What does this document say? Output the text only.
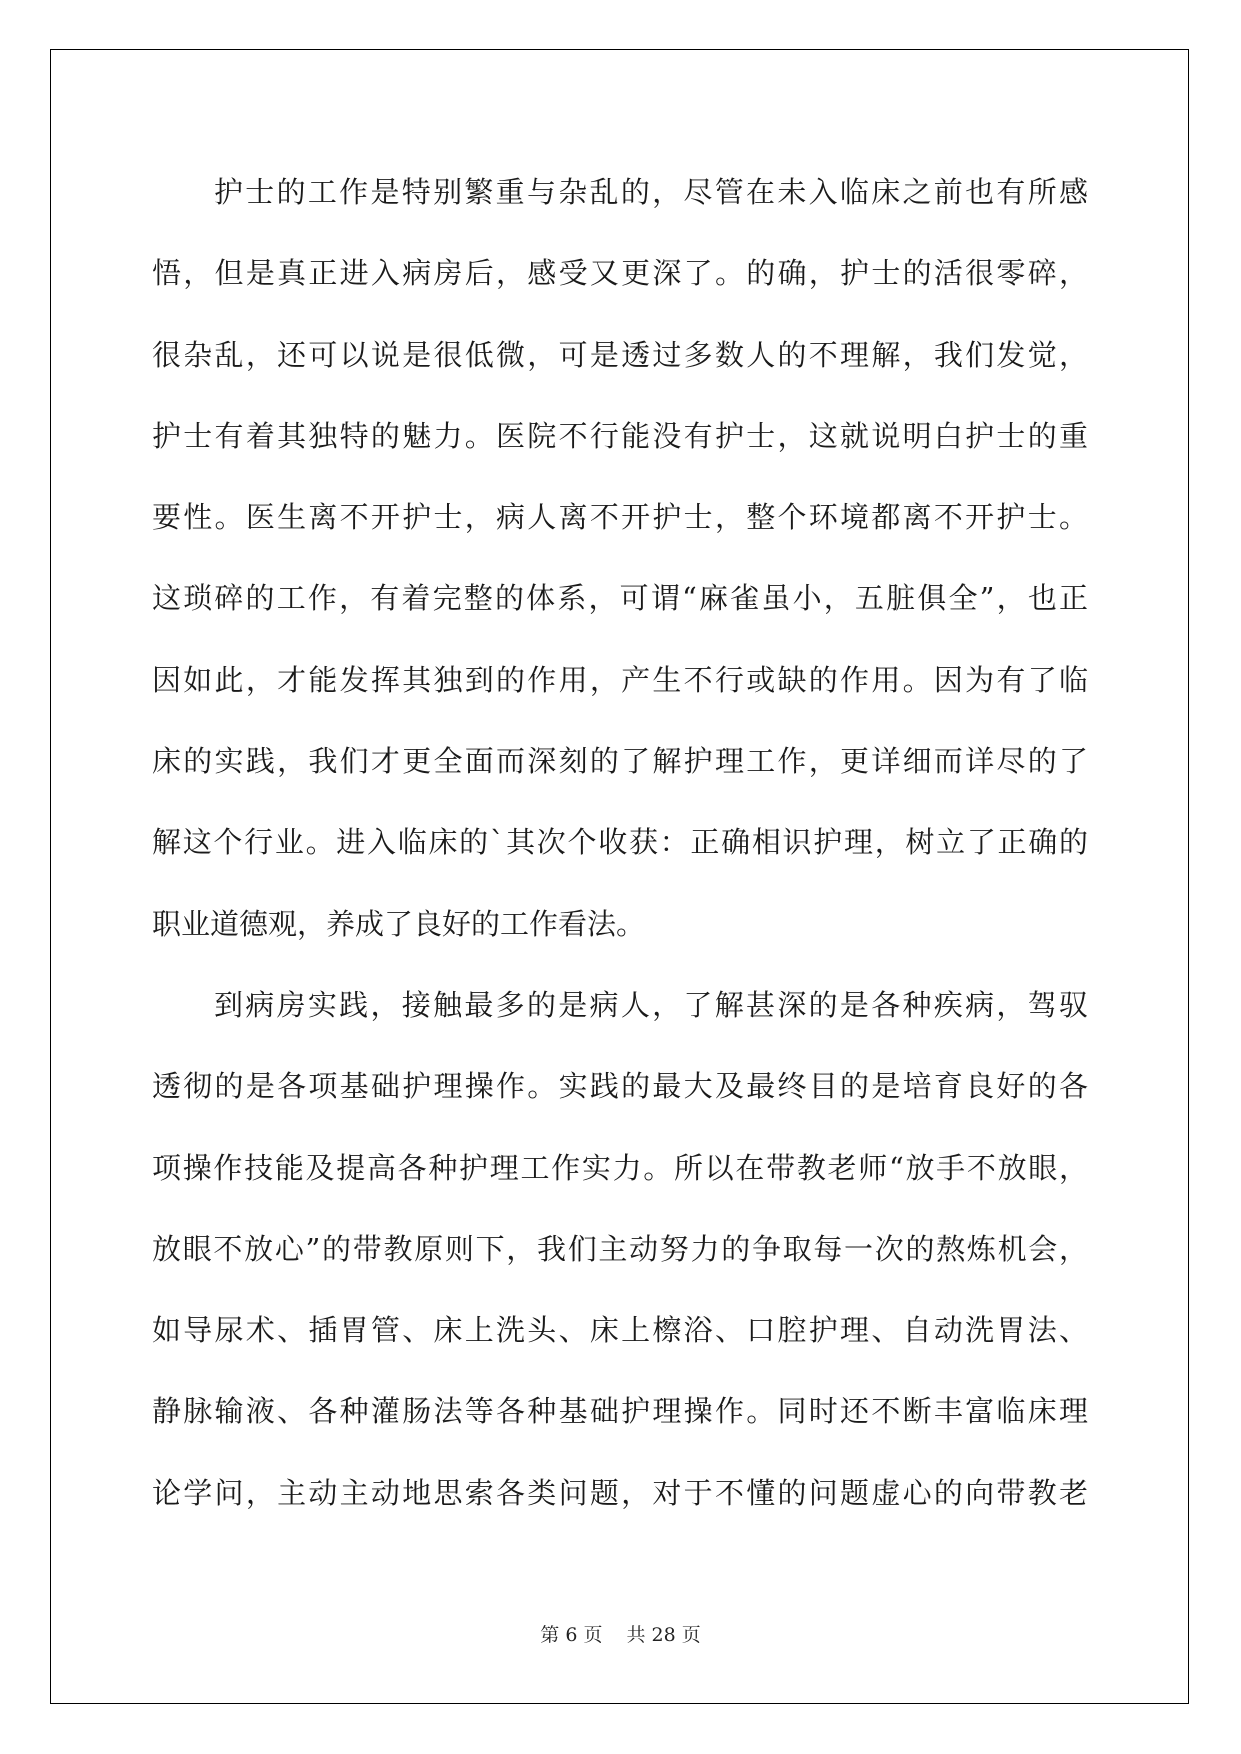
护士的工作是特别繁重与杂乱的，尽管在未入临床之前也有所感
悟，但是真正进入病房后，感受又更深了。的确，护士的活很零碎，
很杂乱，还可以说是很低微，可是透过多数人的不理解，我们发觉，
护士有着其独特的魅力。医院不行能没有护士，这就说明白护士的重
要性。医生离不开护士，病人离不开护士，整个环境都离不开护士。
这琐碎的工作，有着完整的体系，可谓“麻雀虽小，五脏俱全”，也正
因如此，才能发挥其独到的作用，产生不行或缺的作用。因为有了临
床的实践，我们才更全面而深刻的了解护理工作，更详细而详尽的了
解这个行业。进入临床的`其次个收获：正确相识护理，树立了正确的
职业道德观，养成了良好的工作看法。
到病房实践，接触最多的是病人，了解甚深的是各种疾病，驾驭
透彻的是各项基础护理操作。实践的最大及最终目的是培育良好的各
项操作技能及提高各种护理工作实力。所以在带教老师“放手不放眼，
放眼不放心”的带教原则下，我们主动努力的争取每一次的熬炼机会，
如导尿术、插胃管、床上洗头、床上檫浴、口腔护理、自动洗胃法、
静脉输液、各种灌肠法等各种基础护理操作。同时还不断丰富临床理
论学问，主动主动地思索各类问题，对于不懂的问题虚心的向带教老
第 6 页 共 28 页
